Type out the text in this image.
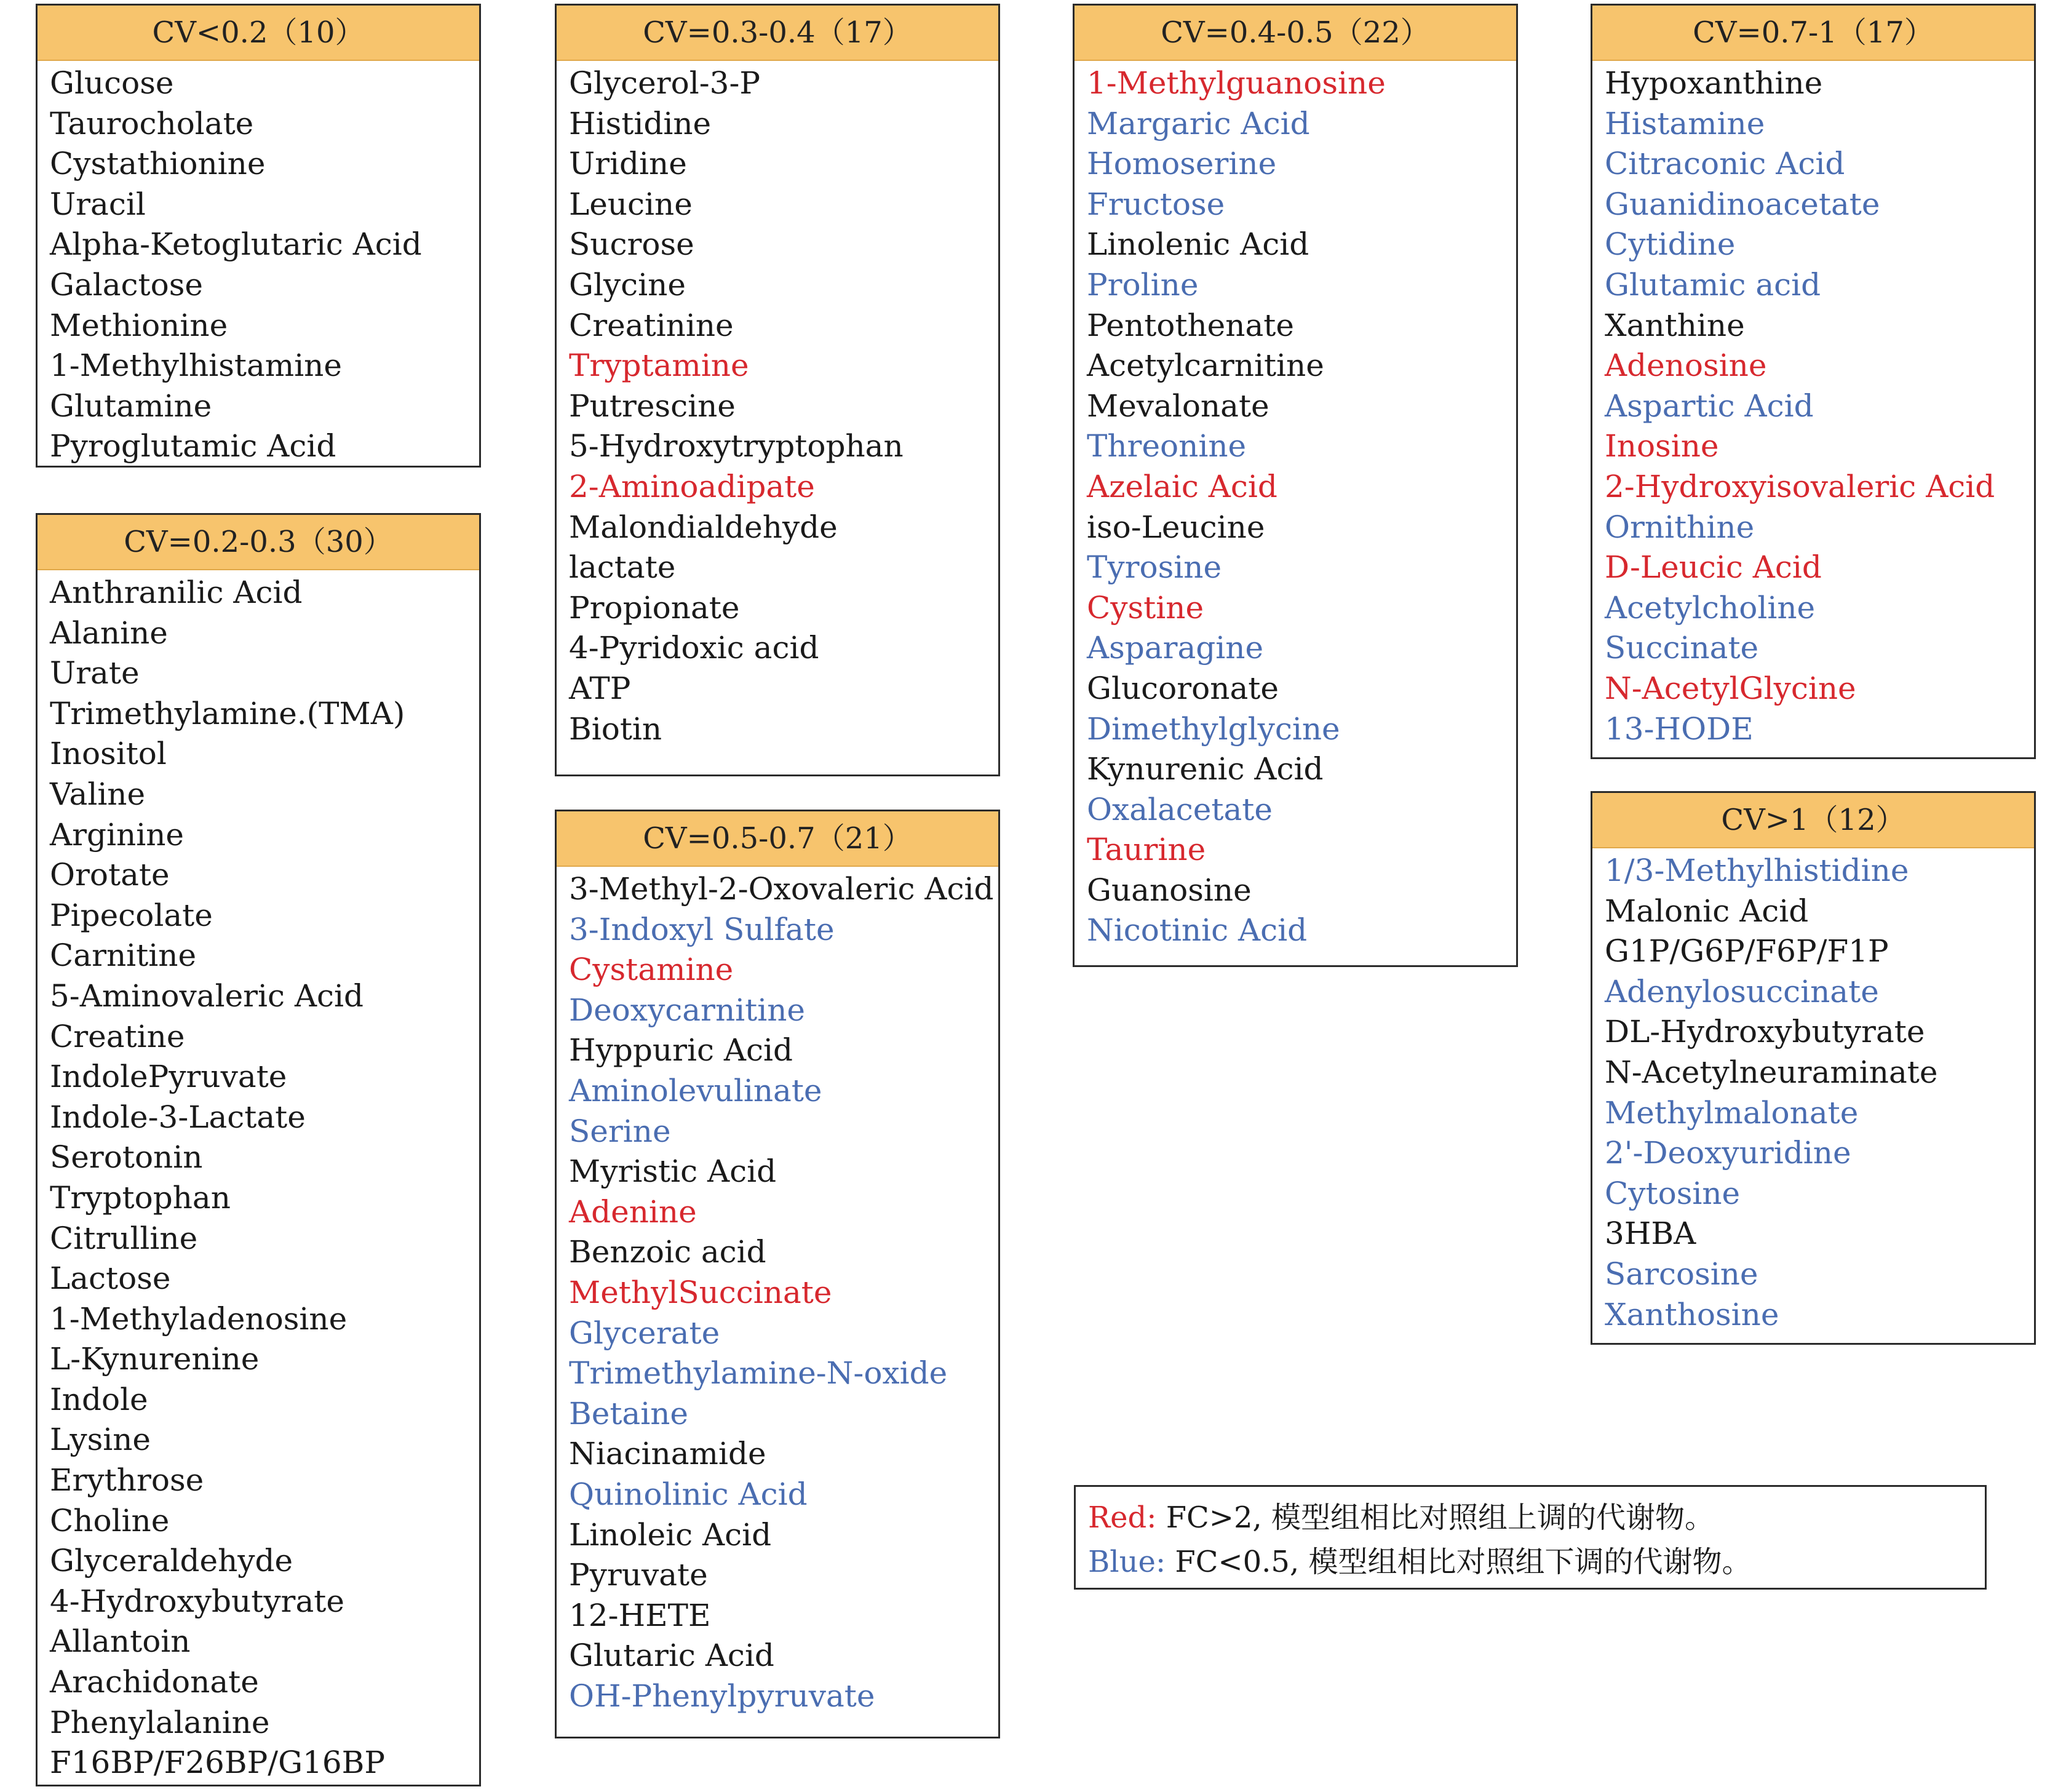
CV<0.2（10）
Glucose
Taurocholate
Cystathionine
Uracil
Alpha-Ketoglutaric Acid
Galactose
Methionine
1-Methylhistamine
Glutamine
Pyroglutamic Acid
CV=0.2-0.3（30）
Anthranilic Acid
Alanine
Urate
Trimethylamine.(TMA)
Inositol
Valine
Arginine
Orotate
Pipecolate
Carnitine
5-Aminovaleric Acid
Creatine
IndolePyruvate
Indole-3-Lactate
Serotonin
Tryptophan
Citrulline
Lactose
1-Methyladenosine
L-Kynurenine
Indole
Lysine
Erythrose
Choline
Glyceraldehyde
4-Hydroxybutyrate
Allantoin
Arachidonate
Phenylalanine
F16BP/F26BP/G16BP
CV=0.3-0.4（17）
Glycerol-3-P
Histidine
Uridine
Leucine
Sucrose
Glycine
Creatinine
Tryptamine
Putrescine
5-Hydroxytryptophan
2-Aminoadipate
Malondialdehyde
lactate
Propionate
4-Pyridoxic acid
ATP
Biotin
CV=0.5-0.7（21）
3-Methyl-2-Oxovaleric Acid
3-Indoxyl Sulfate
Cystamine
Deoxycarnitine
Hyppuric Acid
Aminolevulinate
Serine
Myristic Acid
Adenine
Benzoic acid
MethylSuccinate
Glycerate
Trimethylamine-N-oxide
Betaine
Niacinamide
Quinolinic Acid
Linoleic Acid
Pyruvate
12-HETE
Glutaric Acid
OH-Phenylpyruvate
CV=0.4-0.5（22）
1-Methylguanosine
Margaric Acid
Homoserine
Fructose
Linolenic Acid
Proline
Pentothenate
Acetylcarnitine
Mevalonate
Threonine
Azelaic Acid
iso-Leucine
Tyrosine
Cystine
Asparagine
Glucoronate
Dimethylglycine
Kynurenic Acid
Oxalacetate
Taurine
Guanosine
Nicotinic Acid
CV=0.7-1（17）
Hypoxanthine
Histamine
Citraconic Acid
Guanidinoacetate
Cytidine
Glutamic acid
Xanthine
Adenosine
Aspartic Acid
Inosine
2-Hydroxyisovaleric Acid
Ornithine
D-Leucic Acid
Acetylcholine
Succinate
N-AcetylGlycine
13-HODE
CV>1（12）
1/3-Methylhistidine
Malonic Acid
G1P/G6P/F6P/F1P
Adenylosuccinate
DL-Hydroxybutyrate
N-Acetylneuraminate
Methylmalonate
2'-Deoxyuridine
Cytosine
3HBA
Sarcosine
Xanthosine
Red: FC>2, 模型组相比对照组上调的代谢物。
Blue: FC<0.5, 模型组相比对照组下调的代谢物。
